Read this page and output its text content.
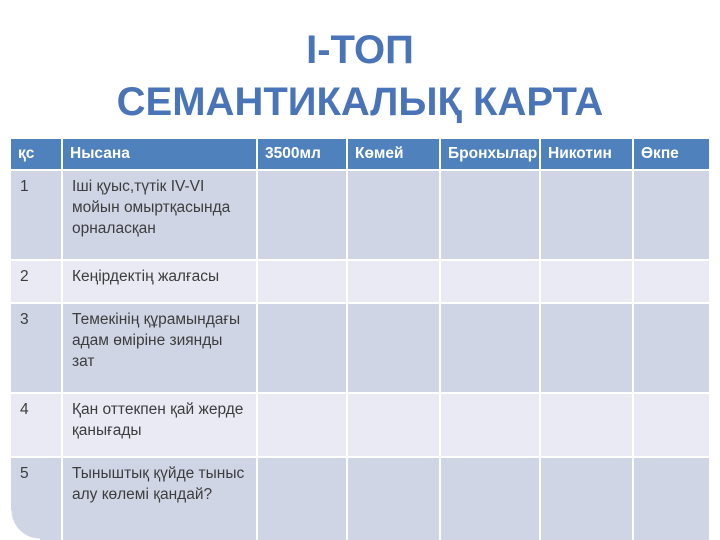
І-ТОП
СЕМАНТИКАЛЫҚ КАРТА
қс	Нысана	3500мл	Көмей	Бронхылар	Никотин	Өкпе
1	Іші қуыс,түтік IV-VI мойын омыртқасында орналасқан					
2	Кеңірдектің жалғасы					
3	Темекінің құрамындағы адам өміріне зиянды зат					
4	Қан оттекпен қай жерде қанығады					
5	Тыныштық қүйде тыныс алу көлемі қандай?					
